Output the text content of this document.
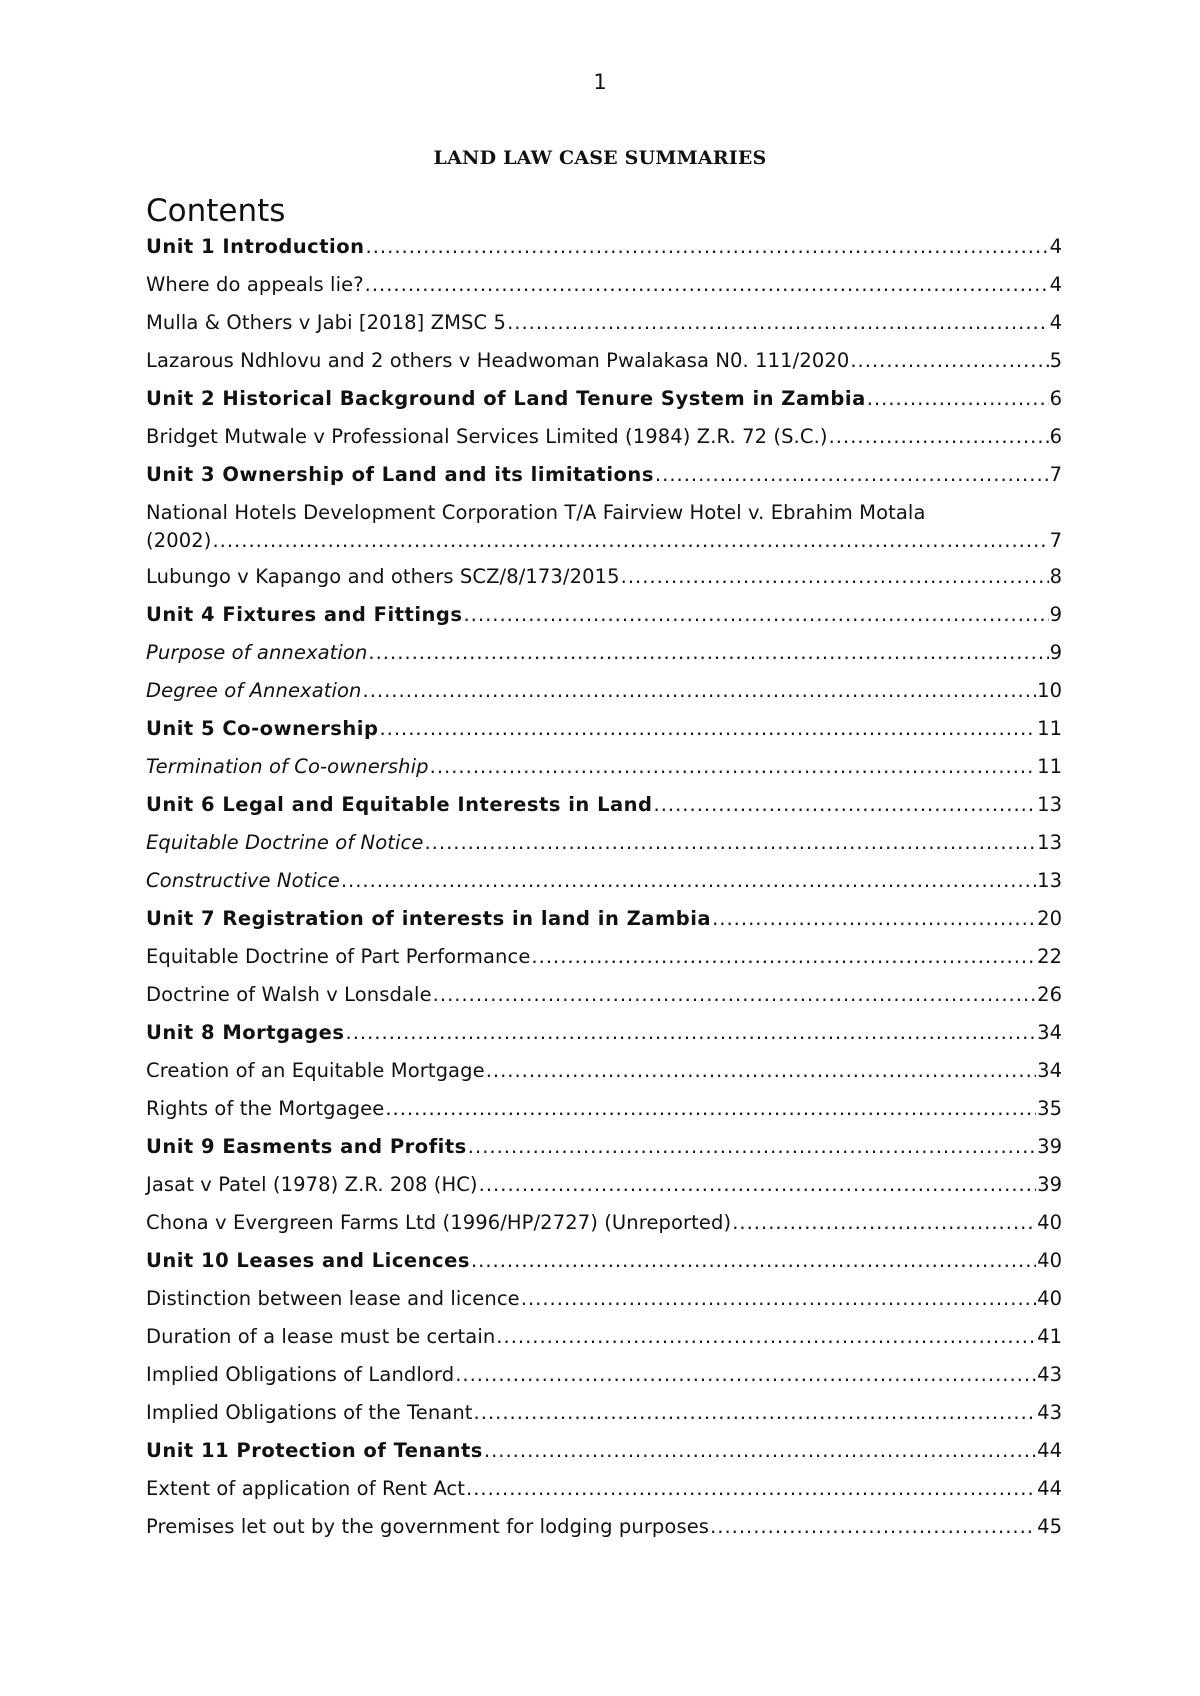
1
LAND LAW CASE SUMMARIES
Contents
Unit 1 Introduction .....	4
Where do appeals lie? .....	4
Mulla & Others v Jabi [2018] ZMSC 5 .....	4
Lazarous Ndhlovu and 2 others v Headwoman Pwalakasa N0. 111/2020 .....	5
Unit 2 Historical Background of Land Tenure System in Zambia .....	6
Bridget Mutwale v Professional Services Limited (1984) Z.R. 72 (S.C.) .....	6
Unit 3 Ownership of Land and its limitations .....	7
National Hotels Development Corporation T/A Fairview Hotel v. Ebrahim Motala
(2002) .....	7
Lubungo v Kapango and others SCZ/8/173/2015 .....	8
Unit 4 Fixtures and Fittings .....	9
Purpose of annexation .....	9
Degree of Annexation .....	10
Unit 5 Co-ownership .....	11
Termination of Co-ownership .....	11
Unit 6 Legal and Equitable Interests in Land .....	13
Equitable Doctrine of Notice .....	13
Constructive Notice .....	13
Unit 7 Registration of interests in land in Zambia .....	20
Equitable Doctrine of Part Performance .....	22
Doctrine of Walsh v Lonsdale .....	26
Unit 8 Mortgages .....	34
Creation of an Equitable Mortgage .....	34
Rights of the Mortgagee .....	35
Unit 9 Easments and Profits .....	39
Jasat v Patel (1978) Z.R. 208 (HC) .....	39
Chona v Evergreen Farms Ltd (1996/HP/2727) (Unreported) .....	40
Unit 10 Leases and Licences .....	40
Distinction between lease and licence .....	40
Duration of a lease must be certain .....	41
Implied Obligations of Landlord .....	43
Implied Obligations of the Tenant .....	43
Unit 11 Protection of Tenants .....	44
Extent of application of Rent Act .....	44
Premises let out by the government for lodging purposes .....	45
